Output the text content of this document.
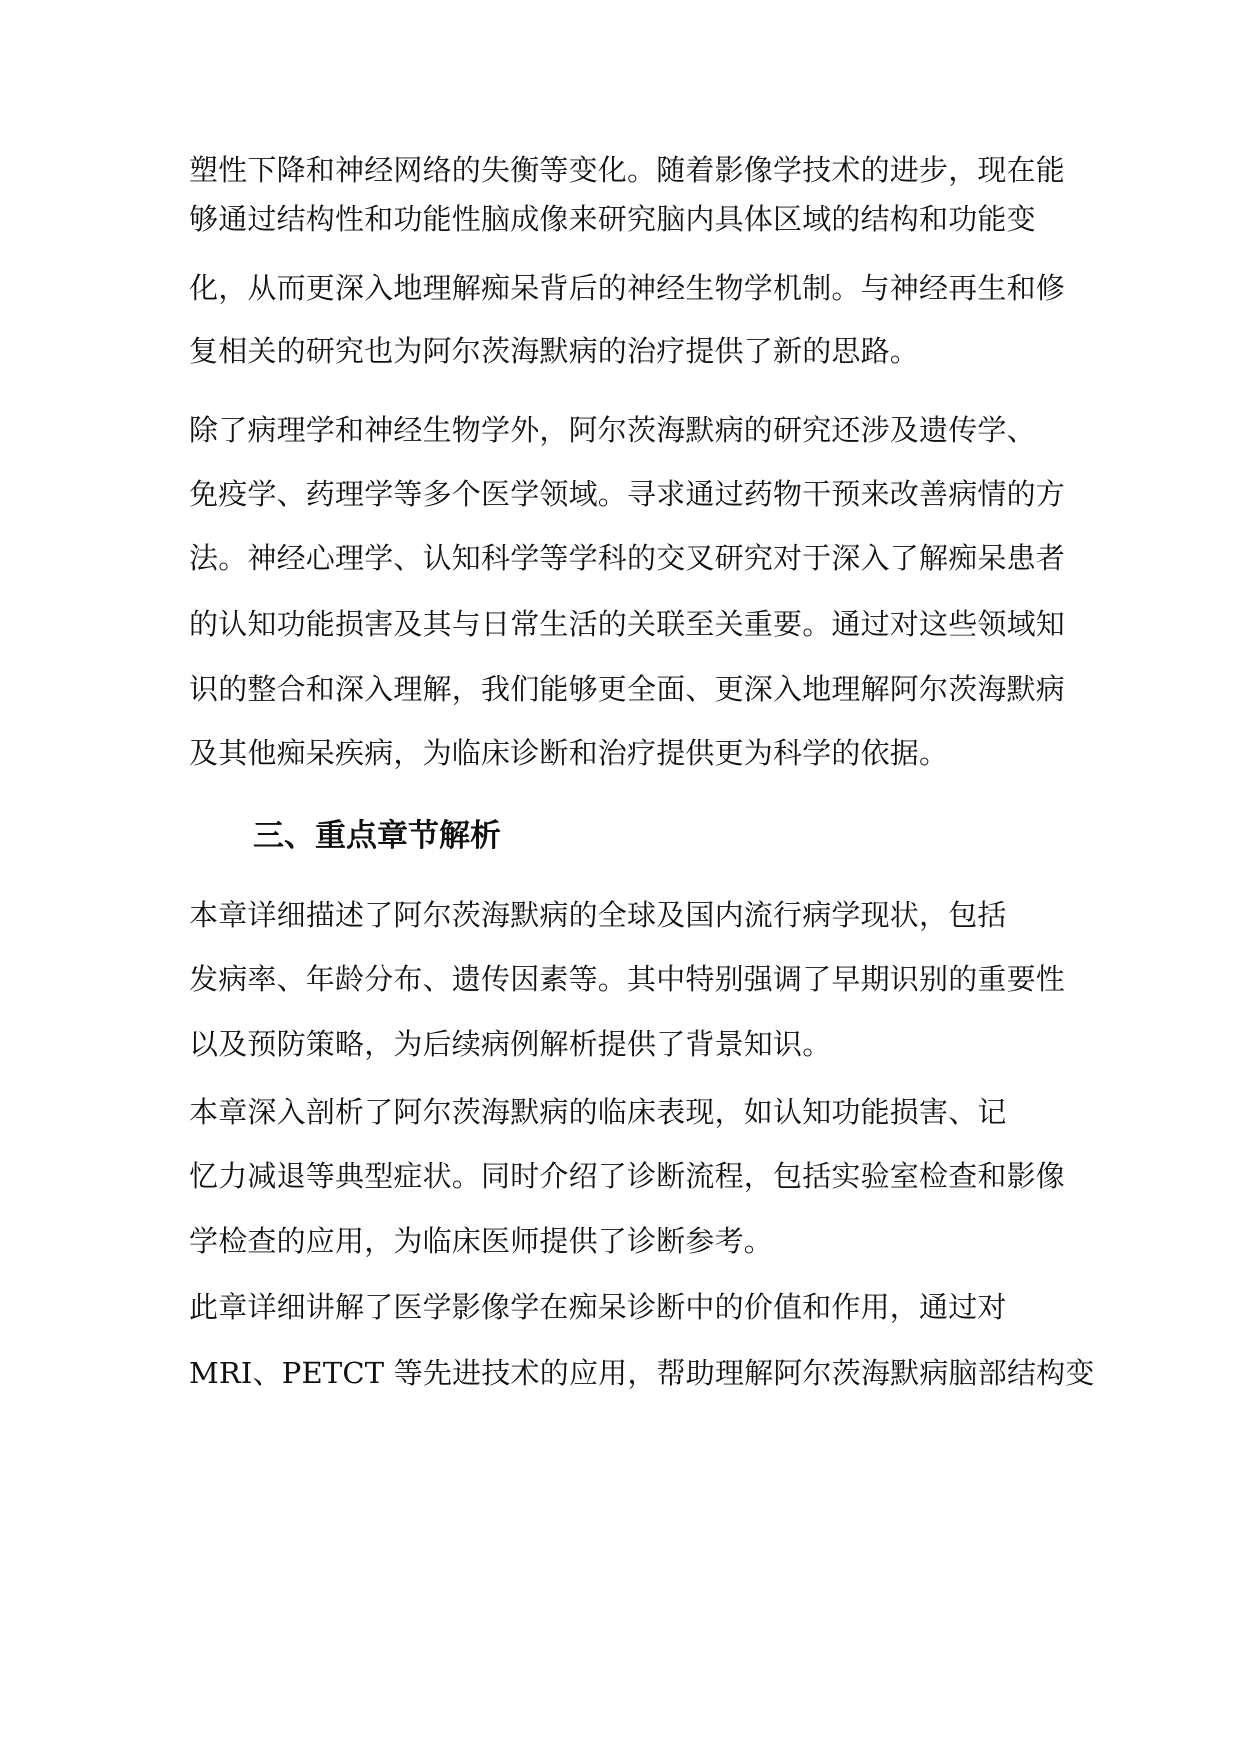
塑性下降和神经网络的失衡等变化。随着影像学技术的进步，现在能
够通过结构性和功能性脑成像来研究脑内具体区域的结构和功能变
化，从而更深入地理解痴呆背后的神经生物学机制。与神经再生和修
复相关的研究也为阿尔茨海默病的治疗提供了新的思路。
除了病理学和神经生物学外，阿尔茨海默病的研究还涉及遗传学、
免疫学、药理学等多个医学领域。寻求通过药物干预来改善病情的方
法。神经心理学、认知科学等学科的交叉研究对于深入了解痴呆患者
的认知功能损害及其与日常生活的关联至关重要。通过对这些领域知
识的整合和深入理解，我们能够更全面、更深入地理解阿尔茨海默病
及其他痴呆疾病，为临床诊断和治疗提供更为科学的依据。
三、重点章节解析
本章详细描述了阿尔茨海默病的全球及国内流行病学现状，包括
发病率、年龄分布、遗传因素等。其中特别强调了早期识别的重要性
以及预防策略，为后续病例解析提供了背景知识。
本章深入剖析了阿尔茨海默病的临床表现，如认知功能损害、记
忆力减退等典型症状。同时介绍了诊断流程，包括实验室检查和影像
学检查的应用，为临床医师提供了诊断参考。
此章详细讲解了医学影像学在痴呆诊断中的价值和作用，通过对
MRI、PETCT 等先进技术的应用，帮助理解阿尔茨海默病脑部结构变
